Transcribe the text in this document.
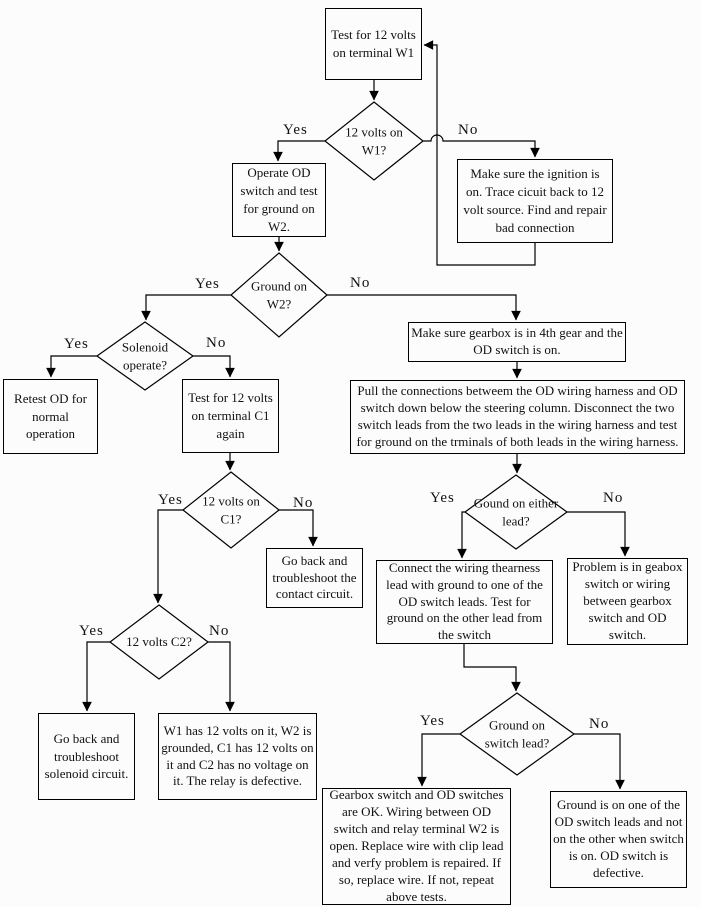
Test for 12 volts on terminal W1
Operate OD switch and test for ground on W2.
Make sure the ignition is on. Trace cicuit back to 12 volt source. Find and repair bad connection
Make sure gearbox is in 4th gear and the OD switch is on.
Pull the connections betweem the OD wiring harness and OD switch down below the steering column. Disconnect the two switch leads from the two leads in the wiring harness and test for ground on the trminals of both leads in the wiring harness.
Retest OD for normal operation
Test for 12 volts on terminal C1 again
Go back and troubleshoot the contact circuit.
Connect the wiring thearness lead with ground to one of the OD switch leads. Test for ground on the other lead from the switch
Problem is in geabox switch or wiring between gearbox switch and OD switch.
Go back and troubleshoot solenoid circuit.
W1 has 12 volts on it, W2 is grounded, C1 has 12 volts on it and C2 has no voltage on it. The relay is defective.
Gearbox switch and OD switches are OK. Wiring between OD switch and relay terminal W2 is open. Replace wire with clip lead and verfy problem is repaired. If so, replace wire. If not, repeat above tests.
Ground is on one of the OD switch leads and not on the other when switch is on. OD switch is defective.
12 volts on W1?
Ground on W2?
Solenoid operate?
12 volts on C1?
Gound on either lead?
12 volts C2?
Ground on switch lead?
Yes	No
Yes	No
Yes	No
Yes	No	Yes	No
Yes	No
Yes	No
